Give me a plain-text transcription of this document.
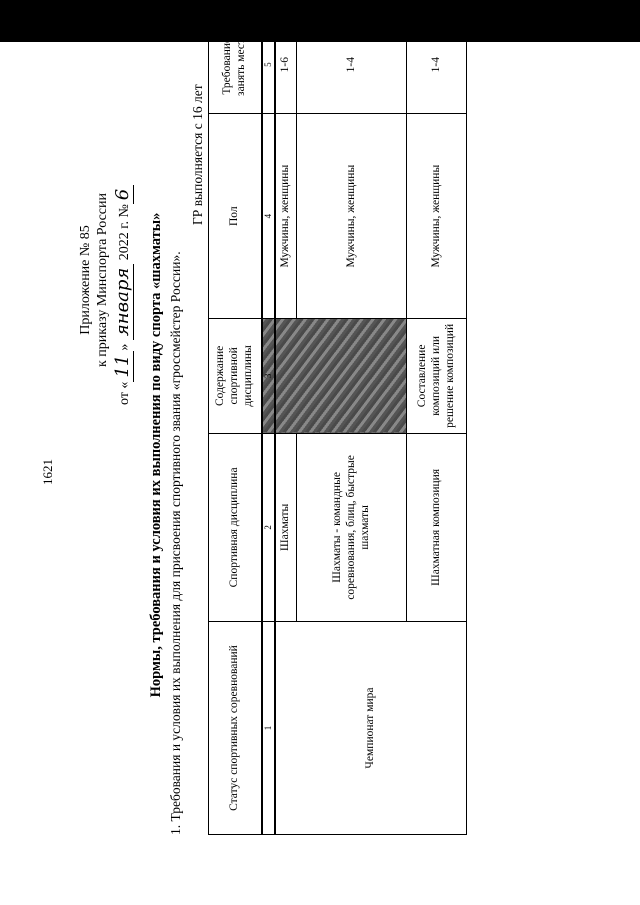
1621
Приложение № 85 к приказу Минспорта России
от «11» января 2022 г. №6
Нормы, требования и условия их выполнения по виду спорта «шахматы» 1. Требования и условия их выполнения для присвоения спортивного звания «гроссмейстер России».
ГР выполняется с 16 лет
Статус спортивных соревнований	Спортивная дисциплина	Содержание спортивной дисциплины	Пол	Требование: занять место
1	2	3	4	5
Чемпионат мира	Шахматы		Мужчины, женщины	1-6
	Шахматы - командные соревнования, блиц, быстрые шахматы		Мужчины, женщины	1-4
	Шахматная композиция	Составление композиций или решение композиций	Мужчины, женщины	1-4
